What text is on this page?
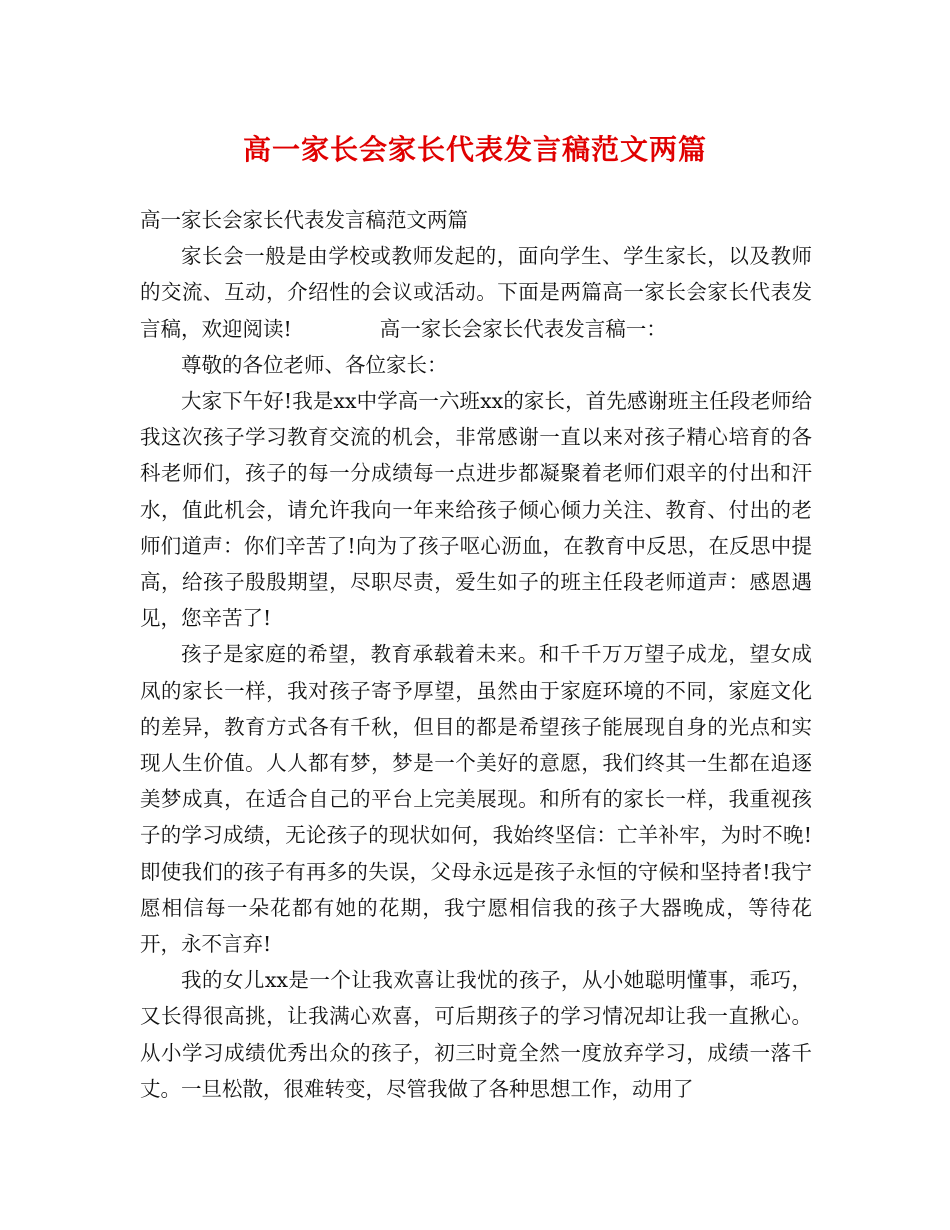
高一家长会家长代表发言稿范文两篇

高一家长会家长代表发言稿范文两篇

家长会一般是由学校或教师发起的，面向学生、学生家长，以及教师的交流、互动，介绍性的会议或活动。下面是两篇高一家长会家长代表发言稿，欢迎阅读!	高一家长会家长代表发言稿一：

尊敬的各位老师、各位家长：

大家下午好!我是xx中学高一六班xx的家长，首先感谢班主任段老师给我这次孩子学习教育交流的机会，非常感谢一直以来对孩子精心培育的各科老师们，孩子的每一分成绩每一点进步都凝聚着老师们艰辛的付出和汗水，值此机会，请允许我向一年来给孩子倾心倾力关注、教育、付出的老师们道声：你们辛苦了!向为了孩子呕心沥血，在教育中反思，在反思中提高，给孩子殷殷期望，尽职尽责，爱生如子的班主任段老师道声：感恩遇见，您辛苦了!

孩子是家庭的希望，教育承载着未来。和千千万万望子成龙，望女成凤的家长一样，我对孩子寄予厚望，虽然由于家庭环境的不同，家庭文化的差异，教育方式各有千秋，但目的都是希望孩子能展现自身的光点和实现人生价值。人人都有梦，梦是一个美好的意愿，我们终其一生都在追逐美梦成真，在适合自己的平台上完美展现。和所有的家长一样，我重视孩子的学习成绩，无论孩子的现状如何，我始终坚信：亡羊补牢，为时不晚!即使我们的孩子有再多的失误，父母永远是孩子永恒的守候和坚持者!我宁愿相信每一朵花都有她的花期，我宁愿相信我的孩子大器晚成，等待花开，永不言弃!

我的女儿xx是一个让我欢喜让我忧的孩子，从小她聪明懂事，乖巧，又长得很高挑，让我满心欢喜，可后期孩子的学习情况却让我一直揪心。从小学习成绩优秀出众的孩子，初三时竟全然一度放弃学习，成绩一落千丈。一旦松散，很难转变，尽管我做了各种思想工作，动用了
